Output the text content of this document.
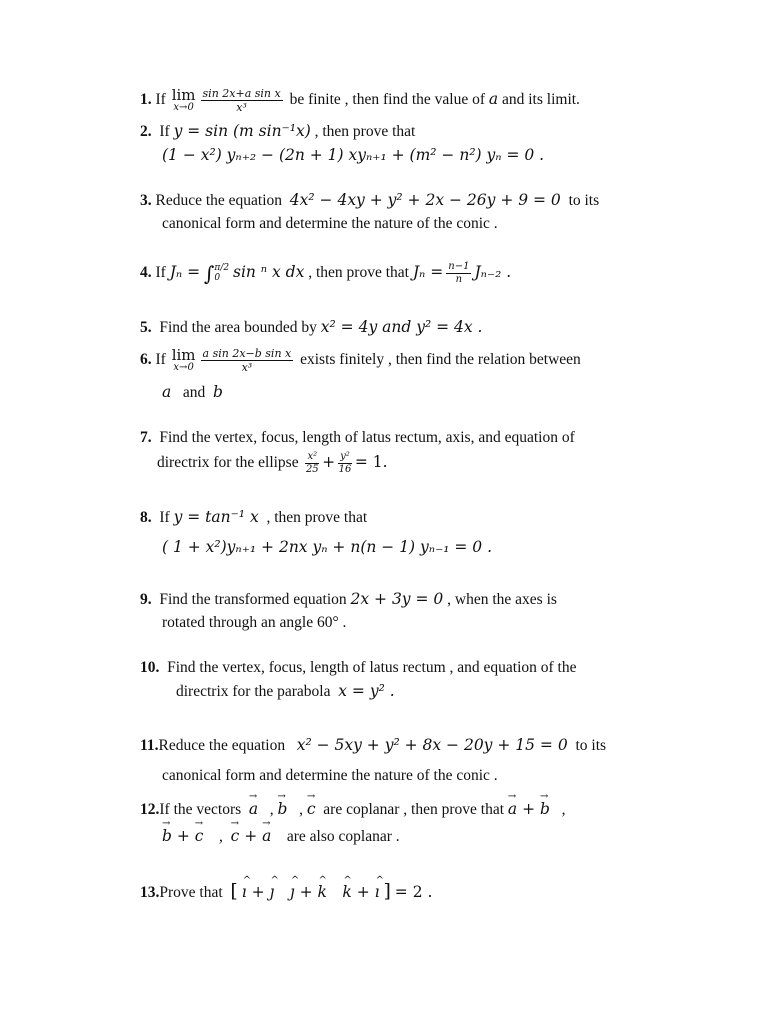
1. If lim
$x\to 0 \frac{\text{sin 2x+a sin x}}{\text{x³}}$ be finite , then find the value of a and its limit.
2. If y = sin (m sin⁻¹x) , then prove that
(1 − x²) yₙ₊₂ − (2n + 1) xyₙ₊₁ + (m² − n²) yₙ = 0 .
3. Reduce the equation 4x² − 4xy + y² + 2x − 26y + 9 = 0 to its
canonical form and determine the nature of the conic .
4. If Jₙ = ∫ π/2
0 sin ⁿ x dx , then prove that $J_n = \frac{n-1}{n} J_{n-2}$ .
5. Find the area bounded by x² = 4y and y² = 4x .
6. If lim
$x\to 0 \frac{\text{a sin 2x−b sin x}}{\text{x³}}$ exists finitely , then find the relation between
a and b
7. Find the vertex, focus, length of latus rectum, axis, and equation of
directrix for the ellipse $\frac{\text{x²}}{25} + \frac{\text{y²}}{16} = 1$.
8. If y = tan⁻¹ x , then prove that
( 1 + x²)yₙ₊₁ + 2nx yₙ + n(n − 1) yₙ₋₁ = 0 .
9. Find the transformed equation 2x + 3y = 0 , when the axes is
rotated through an angle 60° .
10. Find the vertex, focus, length of latus rectum , and equation of the
directrix for the parabola x = y² .
11.Reduce the equation x² − 5xy + y² + 8x − 20y + 15 = 0 to its
canonical form and determine the nature of the conic .
12.If the vectors → a   , → b   , → c are coplanar , then prove that → a + → b   ,
→ b + → c    ,  → c + → a are also coplanar .
13.Prove that [ ^ ı + ^ ȷ ^ ȷ + ^ k ^ k + ^ ı ] = 2 .
